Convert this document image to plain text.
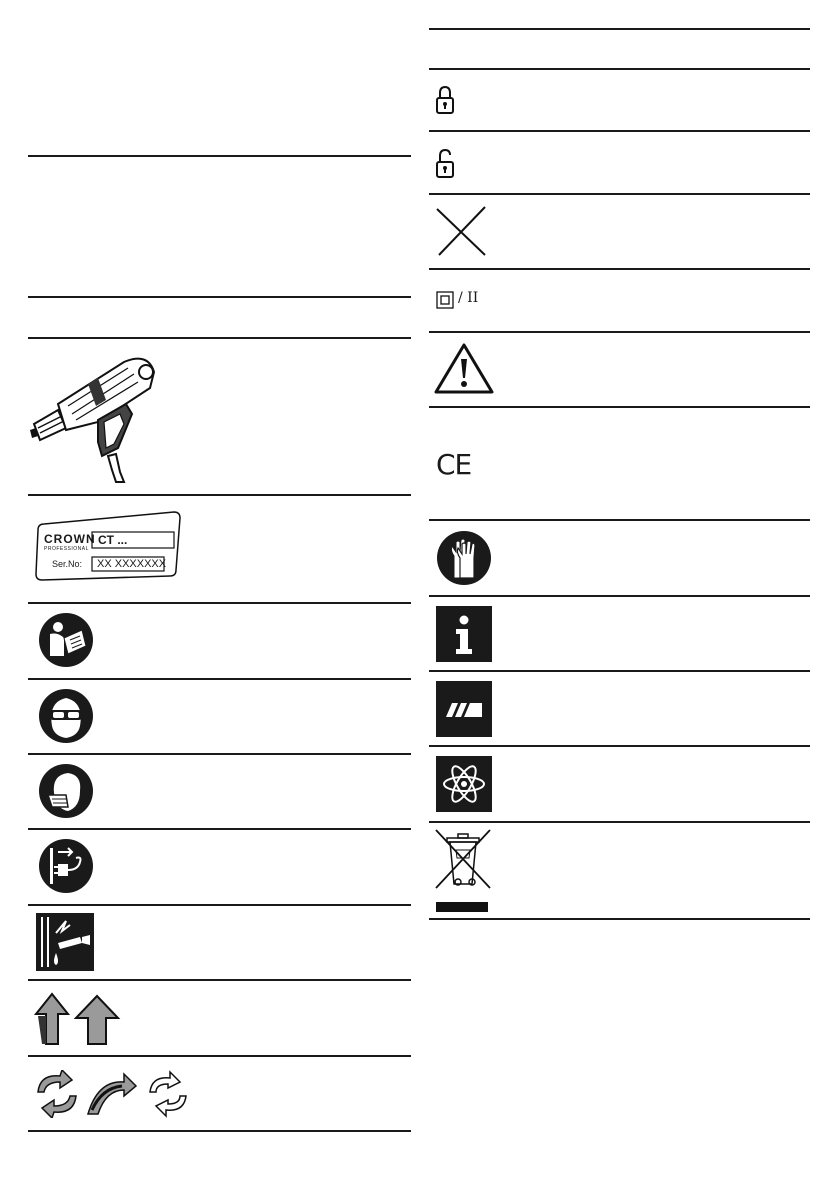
CROWN
PROFESSIONAL
CT ...
Ser.No: XX XXXXXXX
/ II
CE
